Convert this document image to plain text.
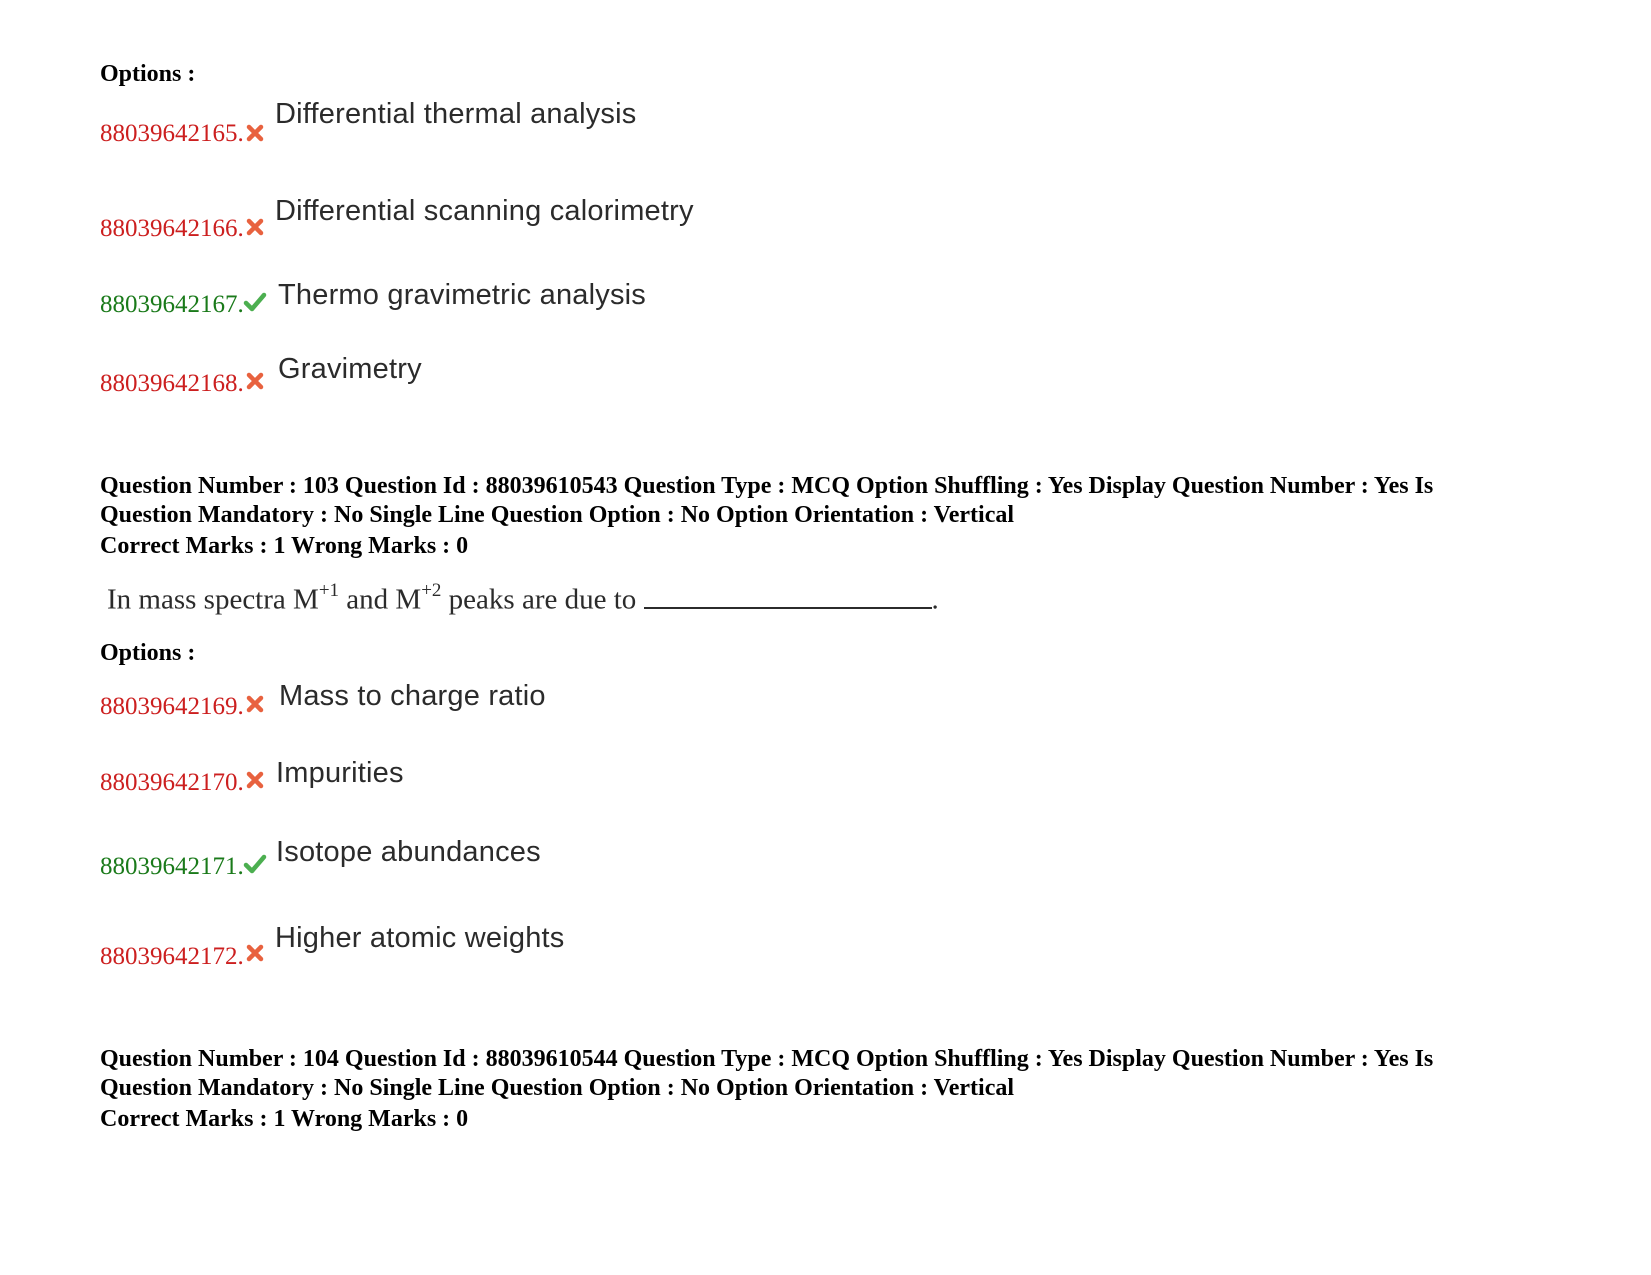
Options :
88039642165.
Differential thermal analysis
88039642166.
Differential scanning calorimetry
88039642167. Thermo gravimetric analysis
88039642168. Gravimetry
Question Number : 103 Question Id : 88039610543 Question Type : MCQ Option Shuffling : Yes Display Question Number : Yes Is
Question Mandatory : No Single Line Question Option : No Option Orientation : Vertical
Correct Marks : 1 Wrong Marks : 0
In mass spectra $M^{+1}$ and $M^{+2}$ peaks are due to	.
Options :
88039642169. Mass to charge ratio
88039642170. Impurities
88039642171. Isotope abundances
88039642172.
Higher atomic weights
Question Number : 104 Question Id : 88039610544 Question Type : MCQ Option Shuffling : Yes Display Question Number : Yes Is
Question Mandatory : No Single Line Question Option : No Option Orientation : Vertical
Correct Marks : 1 Wrong Marks : 0
